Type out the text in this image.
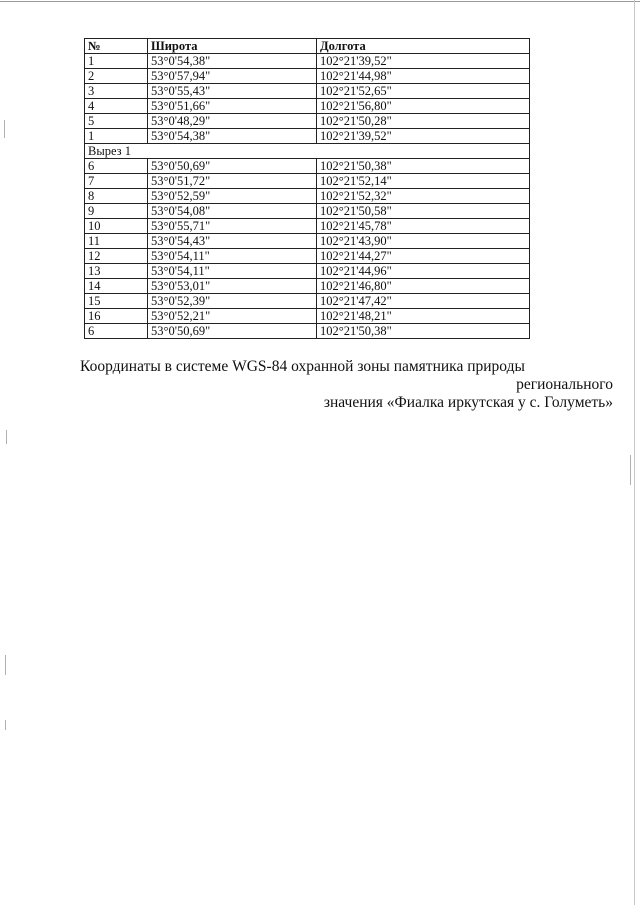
№	Широта	Долгота
1	53°0'54,38"	102°21'39,52"
2	53°0'57,94"	102°21'44,98"
3	53°0'55,43"	102°21'52,65"
4	53°0'51,66"	102°21'56,80"
5	53°0'48,29"	102°21'50,28"
1	53°0'54,38"	102°21'39,52"
Вырез 1		
6	53°0'50,69"	102°21'50,38"
7	53°0'51,72"	102°21'52,14"
8	53°0'52,59"	102°21'52,32"
9	53°0'54,08"	102°21'50,58"
10	53°0'55,71"	102°21'45,78"
11	53°0'54,43"	102°21'43,90"
12	53°0'54,11"	102°21'44,27"
13	53°0'54,11"	102°21'44,96"
14	53°0'53,01"	102°21'46,80"
15	53°0'52,39"	102°21'47,42"
16	53°0'52,21"	102°21'48,21"
6	53°0'50,69"	102°21'50,38"
Координаты в системе WGS-84 охранной зоны памятника природы регионального
значения «Фиалка иркутская у с. Голуметь»
